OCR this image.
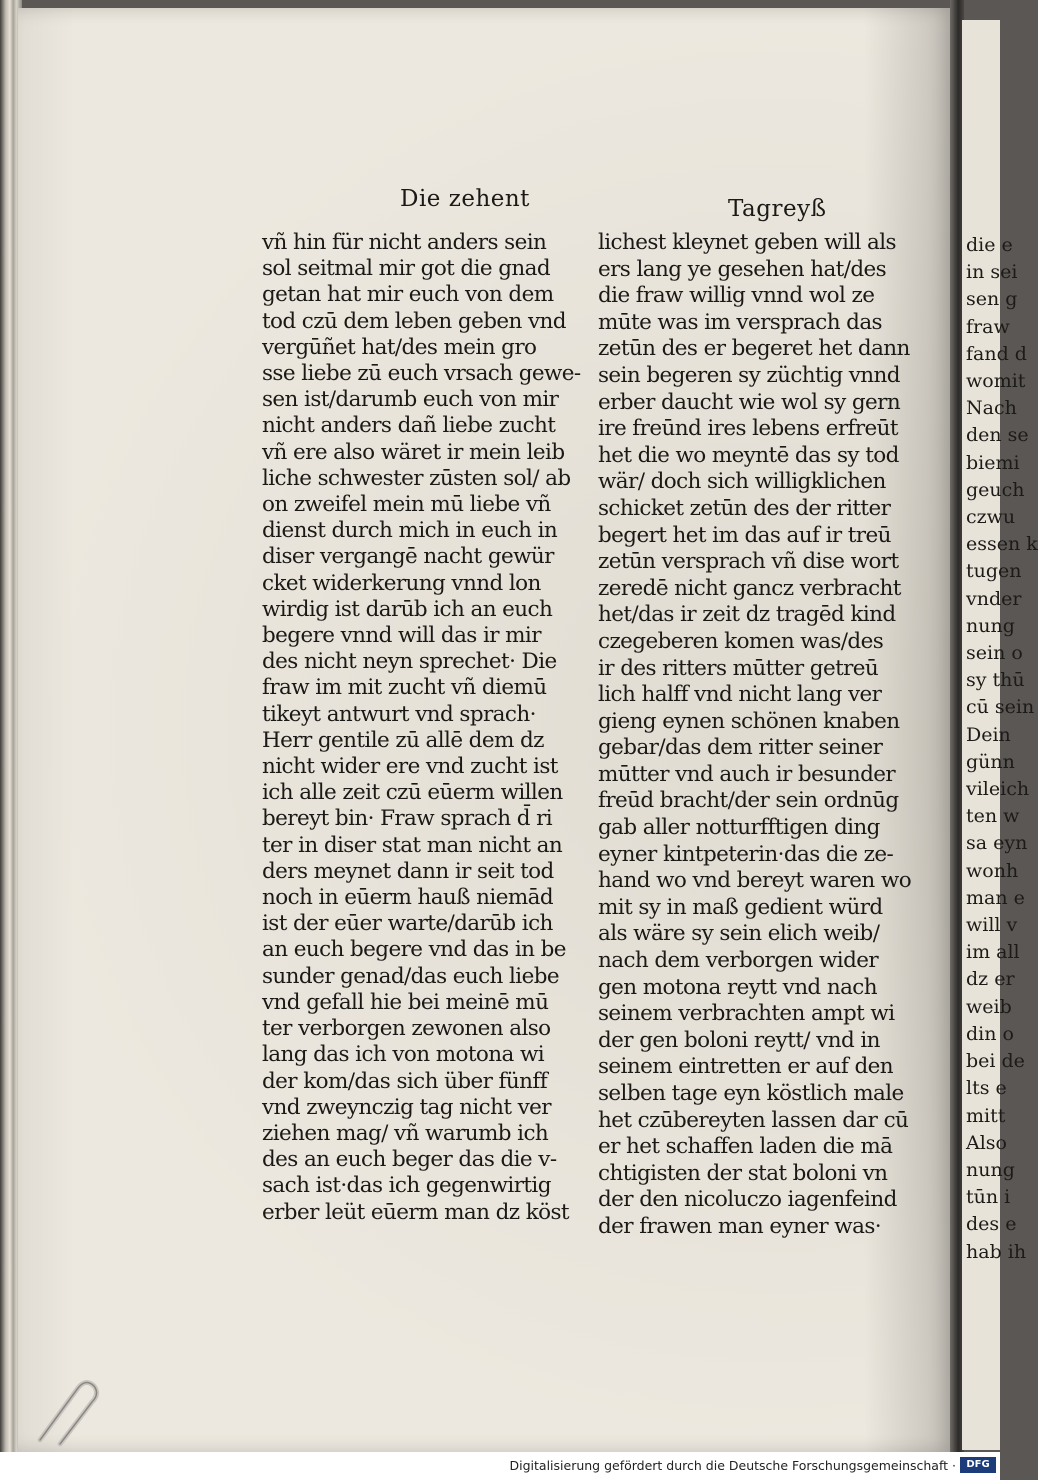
die e
in sei
sen g
fraw
fand d
womit
Nach
den se
biemi
geuch
czwu
essen k
tugen
vnder
nung
sein o
sy thū
cū sein
Dein
günn
vileich
ten w
sa eyn
wonh
man e
will v
im all
dz er
weib
din o
bei de
lts e
mitt
Also
nung
tūn i
des e
hab ih
Die zehent	Tagreyß
vñ hin für nicht anders sein
sol seitmal mir got die gnad
getan hat mir euch von dem
tod czū dem leben geben vnd
vergūñet hat/des mein gro
sse liebe zū euch vrsach gewe-
sen ist/darumb euch von mir
nicht anders dañ liebe zucht
vñ ere also wäret ir mein leib
liche schwester zūsten sol/ ab
on zweifel mein mū liebe vñ
dienst durch mich in euch in
diser vergangē nacht gewür
cket widerkerung vnnd lon
wirdig ist darūb ich an euch
begere vnnd will das ir mir
des nicht neyn sprechet· Die
fraw im mit zucht vñ diemū
tikeyt antwurt vnd sprach·
Herr gentile zū allē dem dz
nicht wider ere vnd zucht ist
ich alle zeit czū eūerm willen
bereyt bin· Fraw sprach d̄ ri
ter in diser stat man nicht an
ders meynet dann ir seit tod
noch in eūerm hauß niemād
ist der eūer warte/darūb ich
an euch begere vnd das in be
sunder genad/das euch liebe
vnd gefall hie bei meinē mū
ter verborgen zewonen also
lang das ich von motona wi
der kom/das sich über fünff
vnd zweynczig tag nicht ver
ziehen mag/ vñ warumb ich
des an euch beger das die v-
sach ist·das ich gegenwirtig
erber leüt eūerm man dz köst
lichest kleynet geben will als
ers lang ye gesehen hat/des
die fraw willig vnnd wol ze
mūte was im versprach das
zetūn des er begeret het dann
sein begeren sy züchtig vnnd
erber daucht wie wol sy gern
ire freūnd ires lebens erfreūt
het die wo meyntē das sy tod
wär/ doch sich willigklichen
schicket zetūn des der ritter
begert het im das auf ir treū
zetūn versprach vñ dise wort
zeredē nicht gancz verbracht
het/das ir zeit dz tragēd kind
czegeberen komen was/des
ir des ritters mūtter getreū
lich halff vnd nicht lang ver
gieng eynen schönen knaben
gebar/das dem ritter seiner
mūtter vnd auch ir besunder
freūd bracht/der sein ordnūg
gab aller notturfftigen ding
eyner kintpeterin·das die ze-
hand wo vnd bereyt waren wo
mit sy in maß gedient würd
als wäre sy sein elich weib/
nach dem verborgen wider
gen motona reytt vnd nach
seinem verbrachten ampt wi
der gen boloni reytt/ vnd in
seinem eintretten er auf den
selben tage eyn köstlich male
het czūbereyten lassen dar cū
er het schaffen laden die mā
chtigisten der stat boloni vn
der den nicoluczo iagenfeind
der frawen man eyner was·
Digitalisierung gefördert durch die Deutsche Forschungsgemeinschaft ·	DFG
